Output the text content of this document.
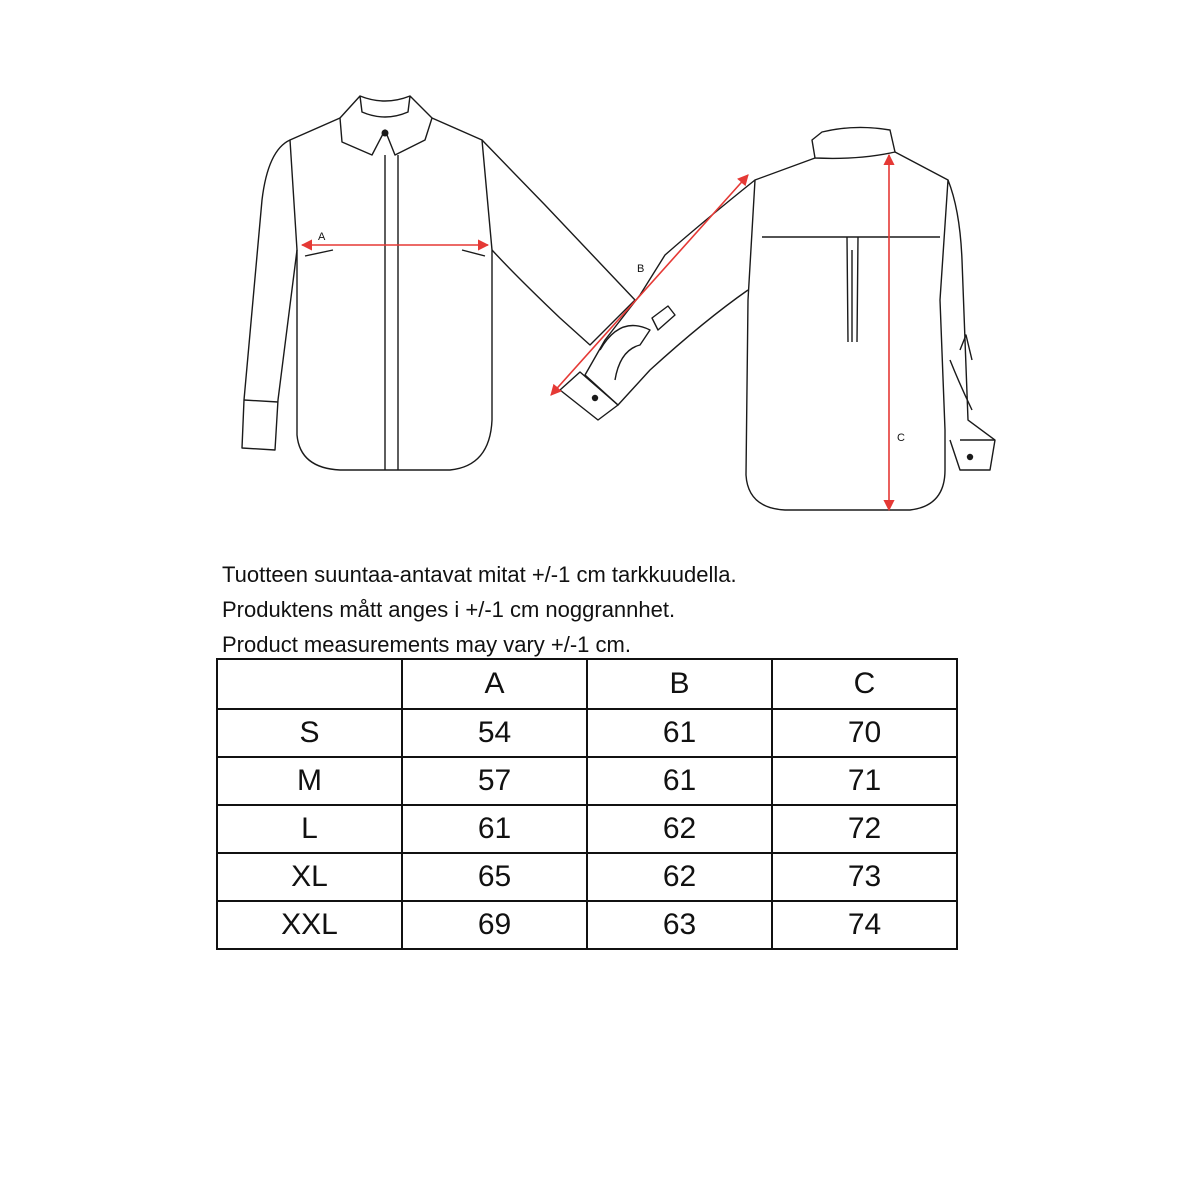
A
B
C

Tuotteen suuntaa-antavat mitat +/-1 cm tarkkuudella.

Produktens mått anges i +/-1 cm noggrannhet.

Product measurements may vary +/-1 cm.

	A	B	C
S	54	61	70
M	57	61	71
L	61	62	72
XL	65	62	73
XXL	69	63	74
